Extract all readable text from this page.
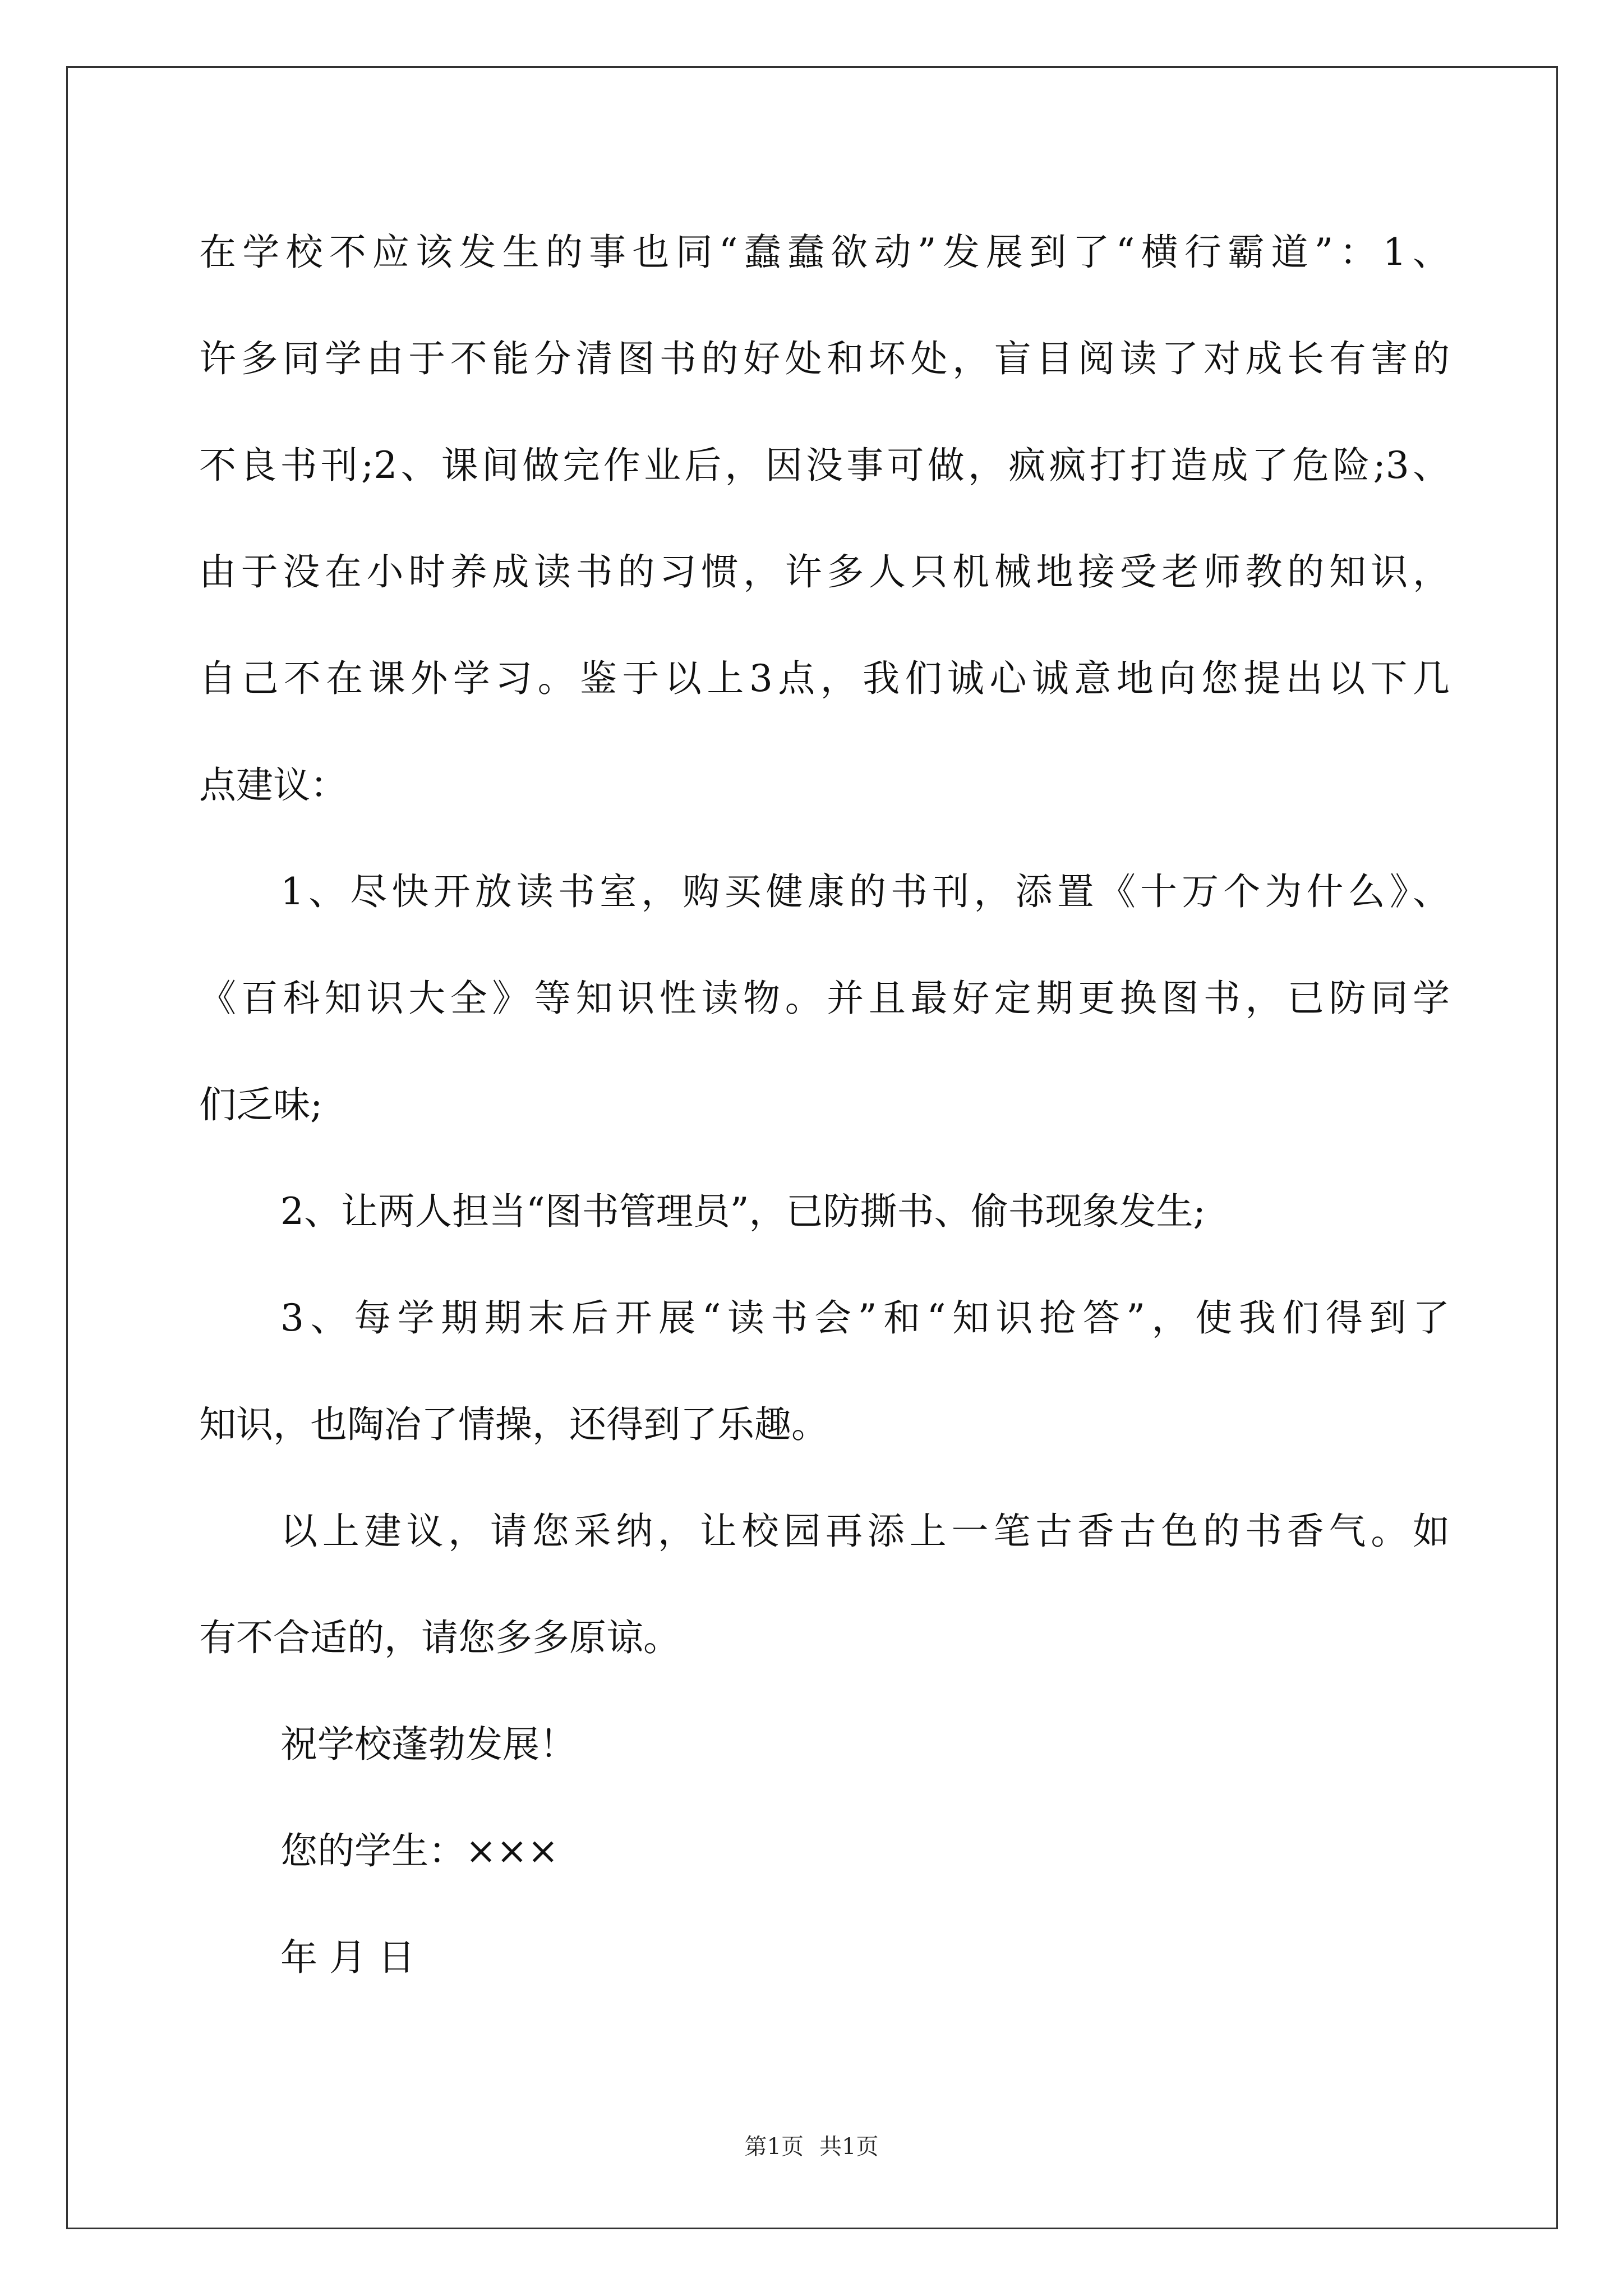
在学校不应该发生的事也同“蠢蠢欲动”发展到了“横行霸道”：1、
许多同学由于不能分清图书的好处和坏处，盲目阅读了对成长有害的
不良书刊;2、课间做完作业后，因没事可做，疯疯打打造成了危险;3、
由于没在小时养成读书的习惯，许多人只机械地接受老师教的知识，
自己不在课外学习。鉴于以上3点，我们诚心诚意地向您提出以下几
点建议：
1、尽快开放读书室，购买健康的书刊，添置《十万个为什么》、
《百科知识大全》等知识性读物。并且最好定期更换图书，已防同学
们乏味;
2、让两人担当“图书管理员”，已防撕书、偷书现象发生;
3、每学期期末后开展“读书会”和“知识抢答”，使我们得到了
知识，也陶冶了情操，还得到了乐趣。
以上建议，请您采纳，让校园再添上一笔古香古色的书香气。如
有不合适的，请您多多原谅。
祝学校蓬勃发展！
您的学生：×××
年 月 日
第1页 共1页
